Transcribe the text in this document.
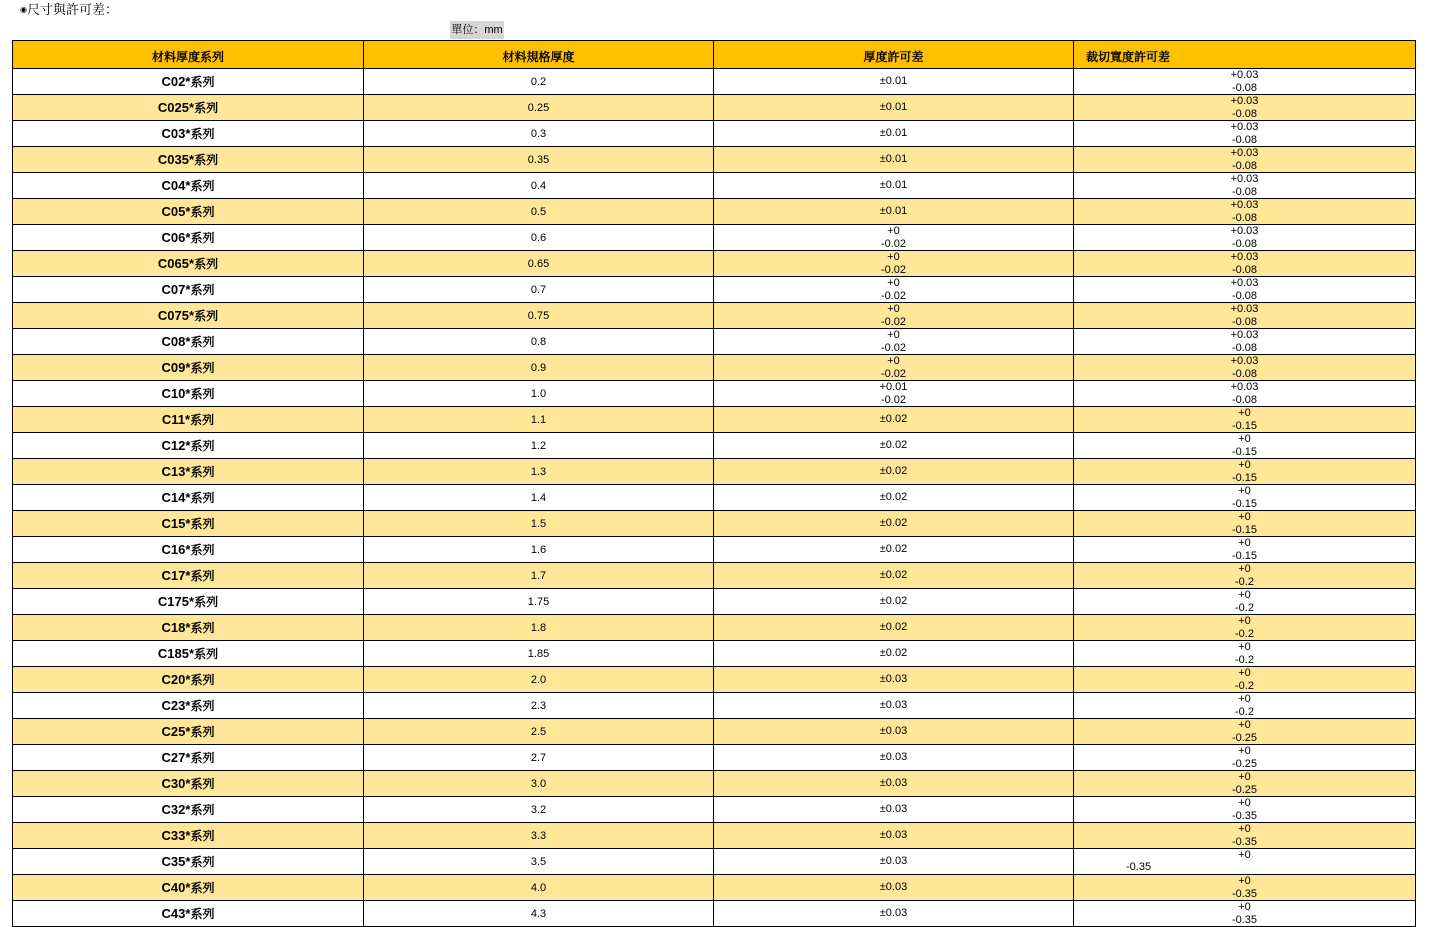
◉尺寸與許可差：
單位：mm
材料厚度系列	材料規格厚度	厚度許可差	裁切寬度許可差
C02*系列	0.2	±0.01	+0.03
-0.08

C025*系列	0.25	±0.01	+0.03
-0.08

C03*系列	0.3	±0.01	+0.03
-0.08

C035*系列	0.35	±0.01	+0.03
-0.08

C04*系列	0.4	±0.01	+0.03
-0.08

C05*系列	0.5	±0.01	+0.03
-0.08

C06*系列	0.6	+0
-0.02	+0.03
-0.08

C065*系列	0.65	+0
-0.02	+0.03
-0.08

C07*系列	0.7	+0
-0.02	+0.03
-0.08

C075*系列	0.75	+0
-0.02	+0.03
-0.08

C08*系列	0.8	+0
-0.02	+0.03
-0.08

C09*系列	0.9	+0
-0.02	+0.03
-0.08

C10*系列	1.0	+0.01
-0.02	+0.03
-0.08

C11*系列	1.1	±0.02	+0
-0.15

C12*系列	1.2	±0.02	+0
-0.15

C13*系列	1.3	±0.02	+0
-0.15

C14*系列	1.4	±0.02	+0
-0.15

C15*系列	1.5	±0.02	+0
-0.15

C16*系列	1.6	±0.02	+0
-0.15

C17*系列	1.7	±0.02	+0
-0.2

C175*系列	1.75	±0.02	+0
-0.2

C18*系列	1.8	±0.02	+0
-0.2

C185*系列	1.85	±0.02	+0
-0.2

C20*系列	2.0	±0.03	+0
-0.2

C23*系列	2.3	±0.03	+0
-0.2

C25*系列	2.5	±0.03	+0
-0.25

C27*系列	2.7	±0.03	+0
-0.25

C30*系列	3.0	±0.03	+0
-0.25

C32*系列	3.2	±0.03	+0
-0.35

C33*系列	3.3	±0.03	+0
-0.35

C35*系列	3.5	±0.03	+0
-0.35

C40*系列	4.0	±0.03	+0
-0.35

C43*系列	4.3	±0.03	+0
-0.35
